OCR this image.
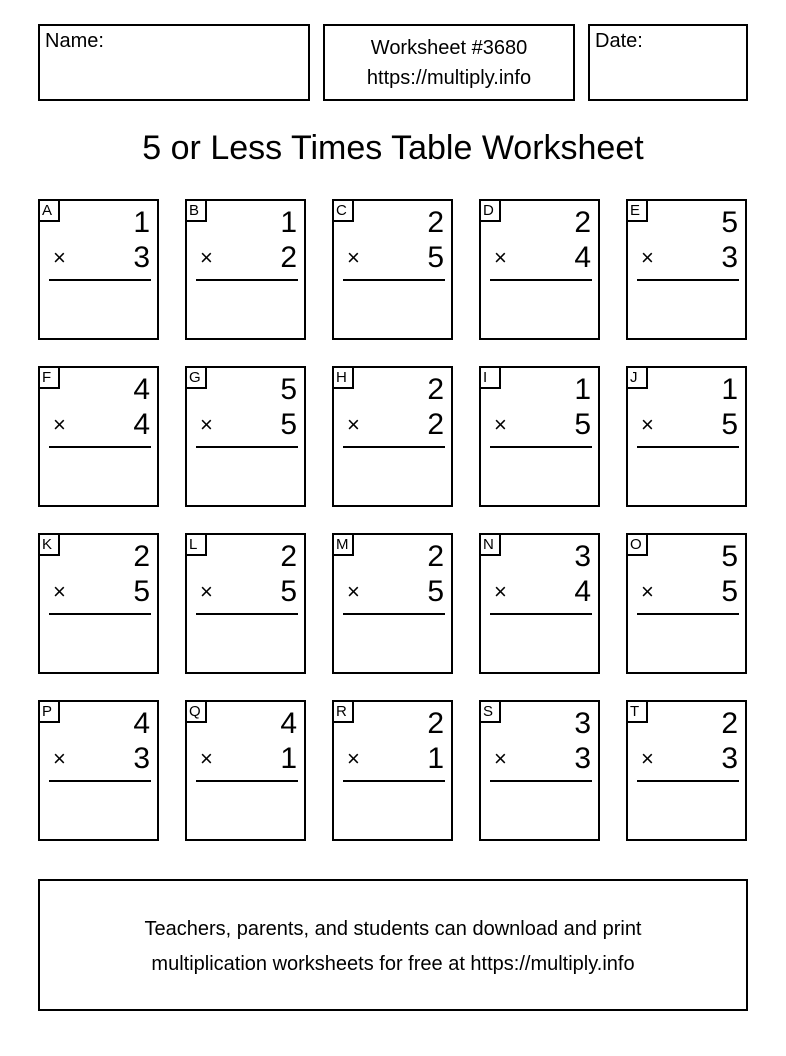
Name:	Worksheet #3680
https://multiply.info
Date:
5 or Less Times Table Worksheet
A	1
× 3
B	1
× 2
C	2
× 5
D	2
× 4
E	5
× 3
F	4
× 4
G	5
× 5
H	2
× 2
I	1
× 5
J	1
× 5
K	2
× 5
L	2
× 5
M	2
× 5
N	3
× 4
O	5
× 5
P	4
× 3
Q	4
× 1
R	2
× 1
S	3
× 3
T	2
× 3
Teachers, parents, and students can download and print
multiplication worksheets for free at https://multiply.info
